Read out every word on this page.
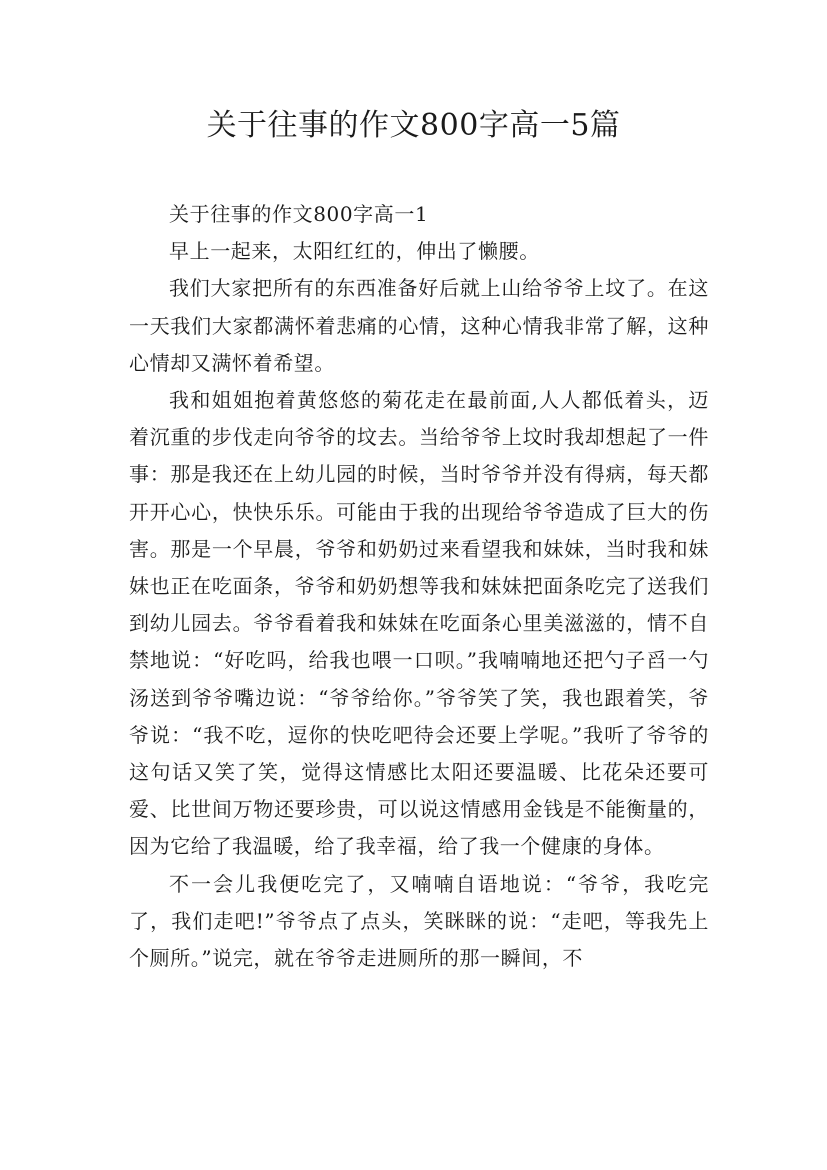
关于往事的作文800字高一5篇

关于往事的作文800字高一1

早上一起来，太阳红红的，伸出了懒腰。

我们大家把所有的东西准备好后就上山给爷爷上坟了。在这一天我们大家都满怀着悲痛的心情，这种心情我非常了解，这种心情却又满怀着希望。

我和姐姐抱着黄悠悠的菊花走在最前面,人人都低着头，迈着沉重的步伐走向爷爷的坟去。当给爷爷上坟时我却想起了一件事：那是我还在上幼儿园的时候，当时爷爷并没有得病，每天都开开心心，快快乐乐。可能由于我的出现给爷爷造成了巨大的伤害。那是一个早晨，爷爷和奶奶过来看望我和妹妹，当时我和妹妹也正在吃面条，爷爷和奶奶想等我和妹妹把面条吃完了送我们到幼儿园去。爷爷看着我和妹妹在吃面条心里美滋滋的，情不自禁地说：“好吃吗，给我也喂一口呗。”我喃喃地还把勺子舀一勺汤送到爷爷嘴边说：“爷爷给你。”爷爷笑了笑，我也跟着笑，爷爷说：“我不吃，逗你的快吃吧待会还要上学呢。”我听了爷爷的这句话又笑了笑，觉得这情感比太阳还要温暖、比花朵还要可爱、比世间万物还要珍贵，可以说这情感用金钱是不能衡量的，因为它给了我温暖，给了我幸福，给了我一个健康的身体。

不一会儿我便吃完了，又喃喃自语地说：“爷爷，我吃完了，我们走吧!”爷爷点了点头，笑眯眯的说：“走吧，等我先上个厕所。”说完，就在爷爷走进厕所的那一瞬间，不
